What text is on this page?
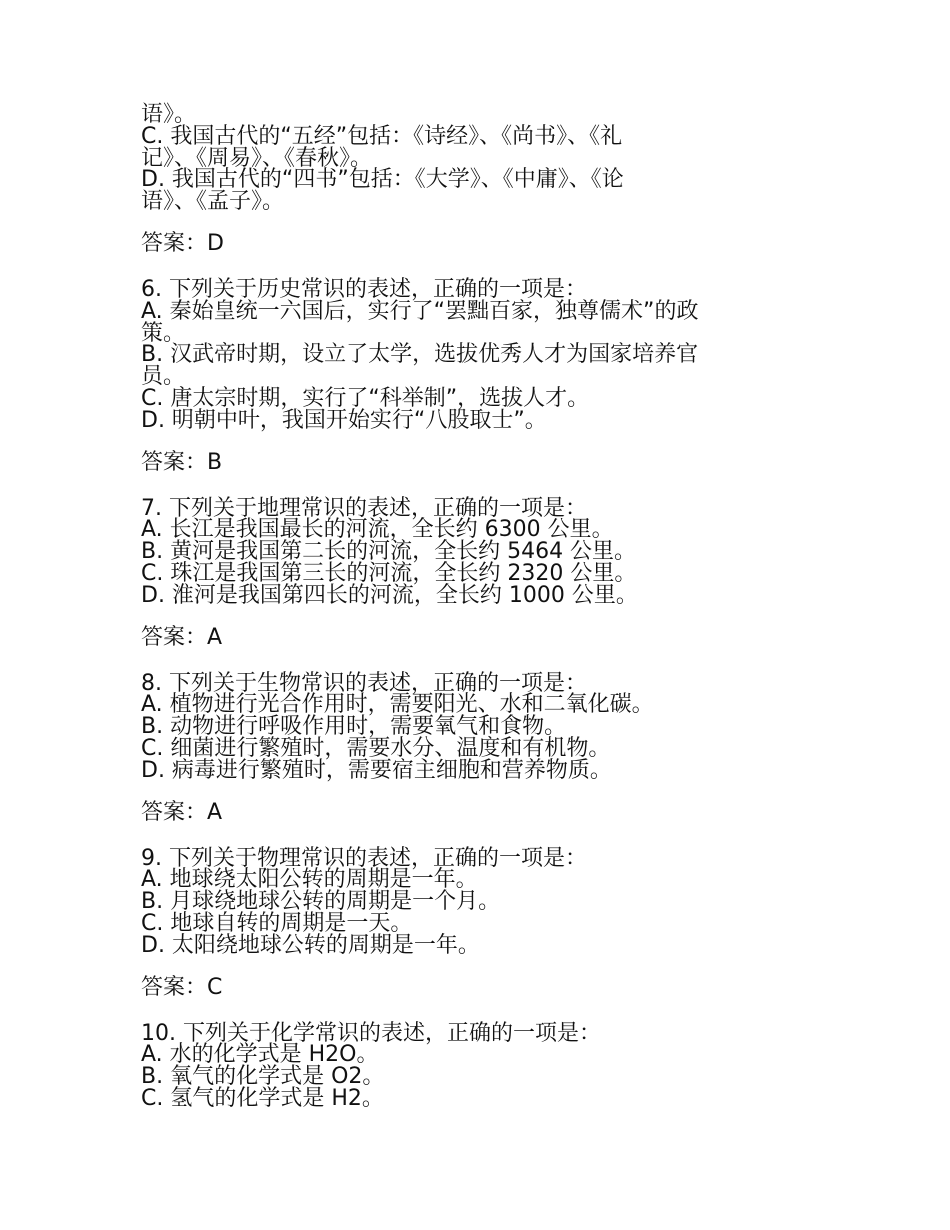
语》。
C. 我国古代的“五经”包括：《诗经》、《尚书》、《礼
记》、《周易》、《春秋》。
D. 我国古代的“四书”包括：《大学》、《中庸》、《论
语》、《孟子》。
答案：D
6. 下列关于历史常识的表述，正确的一项是：
A. 秦始皇统一六国后，实行了“罢黜百家，独尊儒术”的政
策。
B. 汉武帝时期，设立了太学，选拔优秀人才为国家培养官
员。
C. 唐太宗时期，实行了“科举制”，选拔人才。
D. 明朝中叶，我国开始实行“八股取士”。
答案：B
7. 下列关于地理常识的表述，正确的一项是：
A. 长江是我国最长的河流，全长约 6300 公里。
B. 黄河是我国第二长的河流，全长约 5464 公里。
C. 珠江是我国第三长的河流，全长约 2320 公里。
D. 淮河是我国第四长的河流，全长约 1000 公里。
答案：A
8. 下列关于生物常识的表述，正确的一项是：
A. 植物进行光合作用时，需要阳光、水和二氧化碳。
B. 动物进行呼吸作用时，需要氧气和食物。
C. 细菌进行繁殖时，需要水分、温度和有机物。
D. 病毒进行繁殖时，需要宿主细胞和营养物质。
答案：A
9. 下列关于物理常识的表述，正确的一项是：
A. 地球绕太阳公转的周期是一年。
B. 月球绕地球公转的周期是一个月。
C. 地球自转的周期是一天。
D. 太阳绕地球公转的周期是一年。
答案：C
10. 下列关于化学常识的表述，正确的一项是：
A. 水的化学式是 H2O。
B. 氧气的化学式是 O2。
C. 氢气的化学式是 H2。
